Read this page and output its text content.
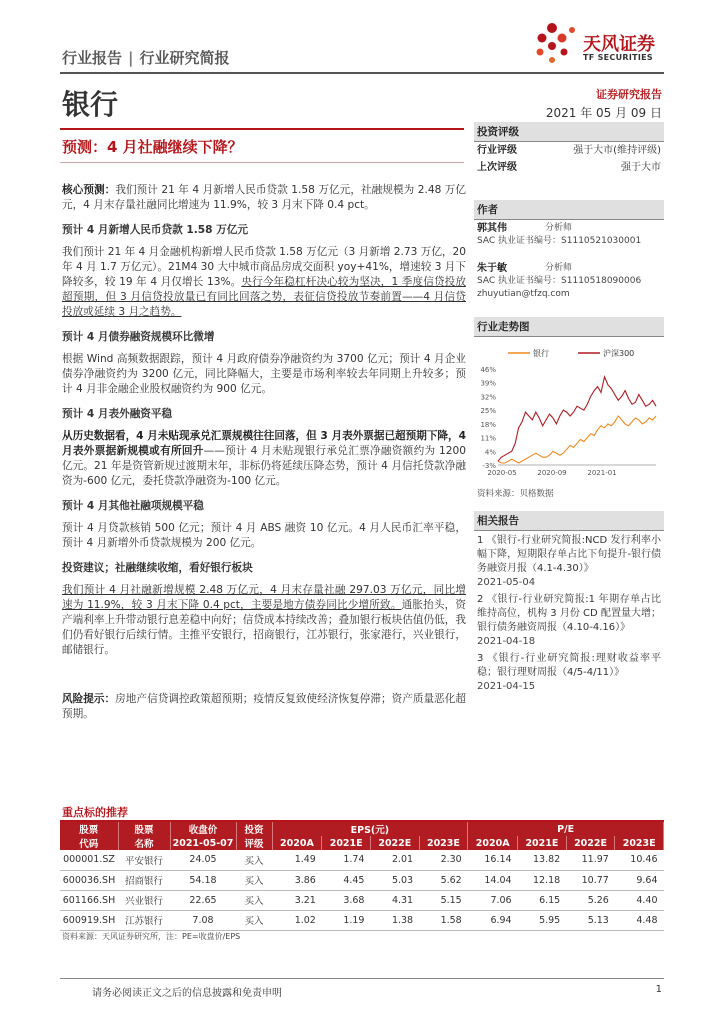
行业报告 | 行业研究简报
天风证券
TF SECURITIES
银行	证券研究报告
2021 年 05 月 09 日
预测：4 月社融继续下降？

核心预测：我们预计 21 年 4 月新增人民币贷款 1.58 万亿元，社融规模为 2.48 万亿元，4 月末存量社融同比增速为 11.9%，较 3 月末下降 0.4 pct。

预计 4 月新增人民币贷款 1.58 万亿元

我们预计 21 年 4 月金融机构新增人民币贷款 1.58 万亿元（3 月新增 2.73 万亿，20 年 4 月 1.7 万亿元）。21M4 30 大中城市商品房成交面积 yoy+41%，增速较 3 月下降较多，较 19 年 4 月仅增长 13%。央行今年稳杠杆决心较为坚决，1 季度信贷投放超预期，但 3 月信贷投放量已有同比回落之势，表征信贷投放节奏前置——4 月信贷投放或延续 3 月之趋势。

预计 4 月债券融资规模环比微增

根据 Wind 高频数据跟踪，预计 4 月政府债券净融资约为 3700 亿元；预计 4 月企业债券净融资约为 3200 亿元，同比降幅大，主要是市场利率较去年同期上升较多；预计 4 月非金融企业股权融资约为 900 亿元。

预计 4 月表外融资平稳

从历史数据看，4 月未贴现承兑汇票规模往往回落，但 3 月表外票据已超预期下降，4 月表外票据新规模或有所回升——预计 4 月未贴现银行承兑汇票净融资额约为 1200 亿元。21 年是资管新规过渡期末年，非标仍将延续压降态势，预计 4 月信托贷款净融资为-600 亿元，委托贷款净融资为-100 亿元。

预计 4 月其他社融项规模平稳

预计 4 月贷款核销 500 亿元；预计 4 月 ABS 融资 10 亿元。4 月人民币汇率平稳，预计 4 月新增外币贷款规模为 200 亿元。

投资建议；社融继续收缩，看好银行板块

我们预计 4 月社融新增规模 2.48 万亿元，4 月末存量社融 297.03 万亿元，同比增速为 11.9%，较 3 月末下降 0.4 pct，主要是地方债券同比少增所致。通胀抬头，资产端利率上升带动银行息差稳中向好；信贷成本持续改善；叠加银行板块估值仍低，我们仍看好银行后续行情。主推平安银行，招商银行，江苏银行，张家港行，兴业银行，邮储银行。

风险提示：房地产信贷调控政策超预期；疫情反复致使经济恢复停滞；资产质量恶化超预期。

投资评级
行业评级	强于大市(维持评级)
上次评级	强于大市
作者
郭其伟	分析师
SAC 执业证书编号：S1110521030001
朱于敏	分析师
SAC 执业证书编号：S1110518090006
zhuyutian@tfzq.com
行业走势图
银行	沪深300
-3%
4%
11%
18%
25%
32%
39%
46%
2020-05	2020-09	2021-01
资料来源：贝格数据
相关报告
1 《银行-行业研究简报:NCD 发行利率小幅下降，短期限存单占比下旬提升-银行债务融资月报（4.1-4.30）》
2021-05-04
2 《银行-行业研究简报:1 年期存单占比维持高位，机构 3 月份 CD 配置量大增；银行债务融资周报（4.10-4.16）》
2021-04-18
3 《银行-行业研究简报:理财收益率平稳；银行理财周报（4/5-4/11）》
2021-04-15
重点标的推荐
股票	股票	收盘价	投资	EPS(元)				P/E			
代码	名称	2021-05-07	评级	2020A	2021E	2022E	2023E	2020A	2021E	2022E	2023E
000001.SZ	平安银行	24.05	买入	1.49	1.74	2.01	2.30	16.14	13.82	11.97	10.46
600036.SH	招商银行	54.18	买入	3.86	4.45	5.03	5.62	14.04	12.18	10.77	9.64
601166.SH	兴业银行	22.65	买入	3.21	3.68	4.31	5.15	7.06	6.15	5.26	4.40
600919.SH	江苏银行	7.08	买入	1.02	1.19	1.38	1.58	6.94	5.95	5.13	4.48
资料来源：天风证券研究所，注：PE=收盘价/EPS
请务必阅读正文之后的信息披露和免责申明	1
